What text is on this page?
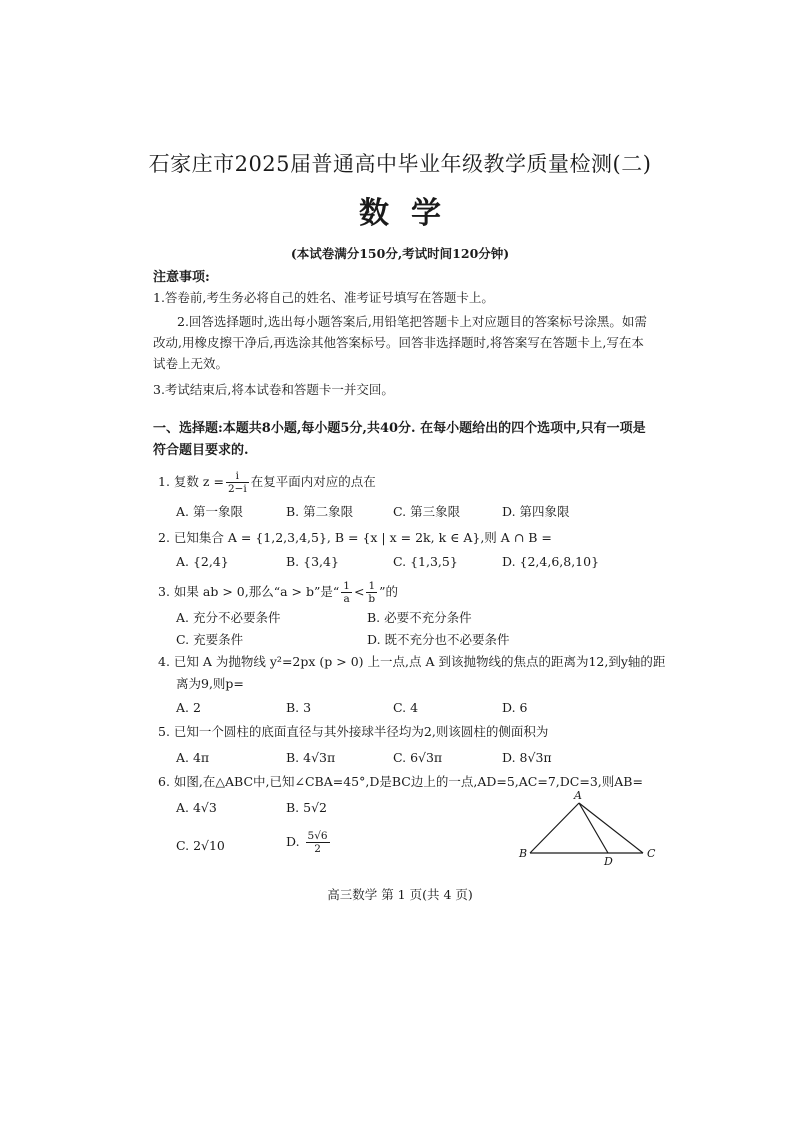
石家庄市2025届普通高中毕业年级教学质量检测(二)
数学
(本试卷满分150分,考试时间120分钟)
注意事项:
1.答卷前,考生务必将自己的姓名、准考证号填写在答题卡上。
2.回答选择题时,选出每小题答案后,用铅笔把答题卡上对应题目的答案标号涂黑。如需改动,用橡皮擦干净后,再选涂其他答案标号。回答非选择题时,将答案写在答题卡上,写在本试卷上无效。
3.考试结束后,将本试卷和答题卡一并交回。
一、选择题:本题共8小题,每小题5分,共40分. 在每小题给出的四个选项中,只有一项是符合题目要求的.
1. 复数 $z = \frac{i}{2-i}$ 在复平面内对应的点在
A. 第一象限	B. 第二象限	C. 第三象限	D. 第四象限
2. 已知集合 A = {1,2,3,4,5}, B = {x | x = 2k, k ∈ A},则 A ∩ B =
A. {2,4}	B. {3,4}	C. {1,3,5}	D. {2,4,6,8,10}
3. 如果 ab > 0,那么“a > b”是“ $\frac{1}{a} < \frac{1}{b}$ ”的
A. 充分不必要条件	B. 必要不充分条件
C. 充要条件	D. 既不充分也不必要条件
4. 已知 A 为抛物线 y²=2px (p > 0) 上一点,点 A 到该抛物线的焦点的距离为12,到y轴的距
离为9,则p=
A. 2	B. 3	C. 4	D. 6
5. 已知一个圆柱的底面直径与其外接球半径均为2,则该圆柱的侧面积为
A. 4π	B. 4√3π	C. 6√3π	D. 8√3π
6. 如图,在△ABC中,已知∠CBA=45°,D是BC边上的一点,AD=5,AC=7,DC=3,则AB=
A. 4√3	B. 5√2
C. 2√10	D. $\frac{5√6}{2}$
A
B
D
C
高三数学 第 1 页(共 4 页)
